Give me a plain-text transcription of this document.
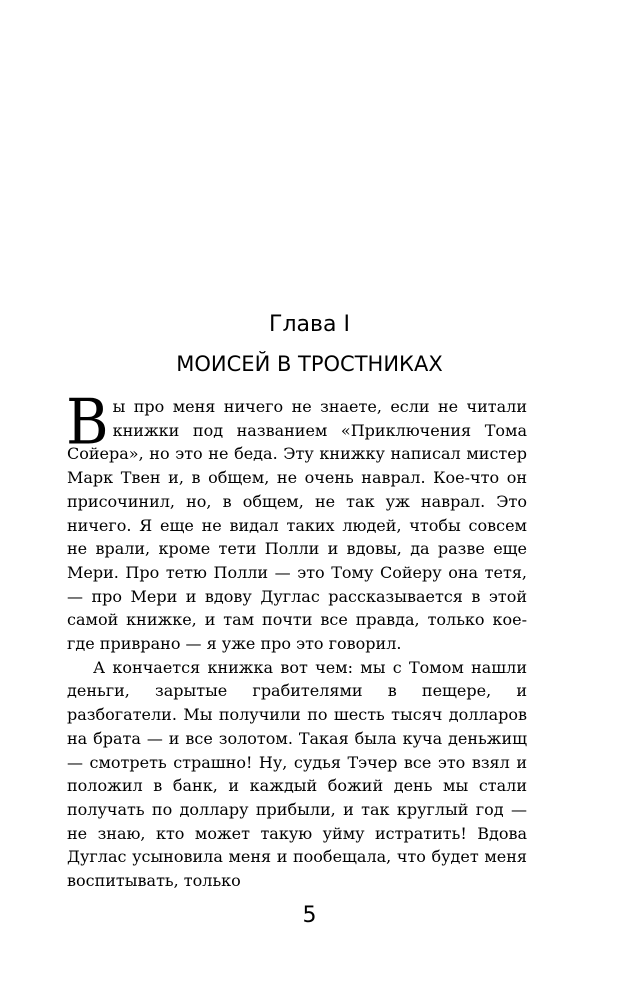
Глава I
МОИСЕЙ В ТРОСТНИКАХ

Вы про меня ничего не знаете, если не читали книжки под названием «Приключения Тома Сойера», но это не беда. Эту книжку написал мистер Марк Твен и, в общем, не очень наврал. Кое-что он присочинил, но, в общем, не так уж наврал. Это ничего. Я еще не видал таких людей, чтобы совсем не врали, кроме тети Полли и вдовы, да разве еще Мери. Про тетю Полли — это Тому Сойеру она тетя, — про Мери и вдову Дуглас рассказывается в этой самой книжке, и там почти все правда, только кое-где приврано — я уже про это говорил.

А кончается книжка вот чем: мы с Томом нашли деньги, зарытые грабителями в пещере, и разбогатели. Мы получили по шесть тысяч долларов на брата — и все золотом. Такая была куча деньжищ — смотреть страшно! Ну, судья Тэчер все это взял и положил в банк, и каждый божий день мы стали получать по доллару прибыли, и так круглый год — не знаю, кто может такую уйму истратить! Вдова Дуглас усыновила меня и пообещала, что будет меня воспитывать, только

5
